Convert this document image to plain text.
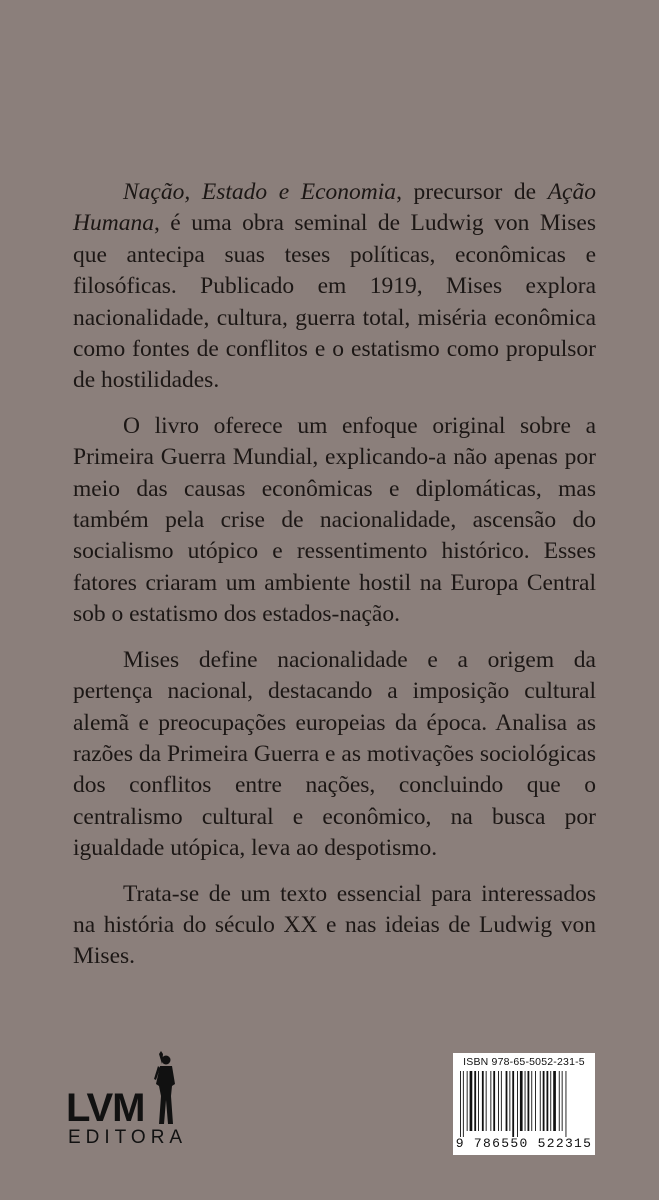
Nação, Estado e Economia, precursor de Ação Humana, é uma obra seminal de Ludwig von Mises que antecipa suas teses políticas, econômicas e filosóficas. Publicado em 1919, Mises explora nacionalidade, cultura, guerra total, miséria econômica como fontes de conflitos e o estatismo como propulsor de hostilidades.

O livro oferece um enfoque original sobre a Primeira Guerra Mundial, explicando-a não apenas por meio das causas econômicas e diplomáticas, mas também pela crise de nacionalidade, ascensão do socialismo utópico e ressentimento histórico. Esses fatores criaram um ambiente hostil na Europa Central sob o estatismo dos estados-nação.

Mises define nacionalidade e a origem da pertença nacional, destacando a imposição cultural alemã e preocupações europeias da época. Analisa as razões da Primeira Guerra e as motivações sociológicas dos conflitos entre nações, concluindo que o centralismo cultural e econômico, na busca por igualdade utópica, leva ao despotismo.

Trata-se de um texto essencial para interessados na história do século XX e nas ideias de Ludwig von Mises.

LVM
EDITORA
ISBN 978-65-5052-231-5
9 786550 522315
